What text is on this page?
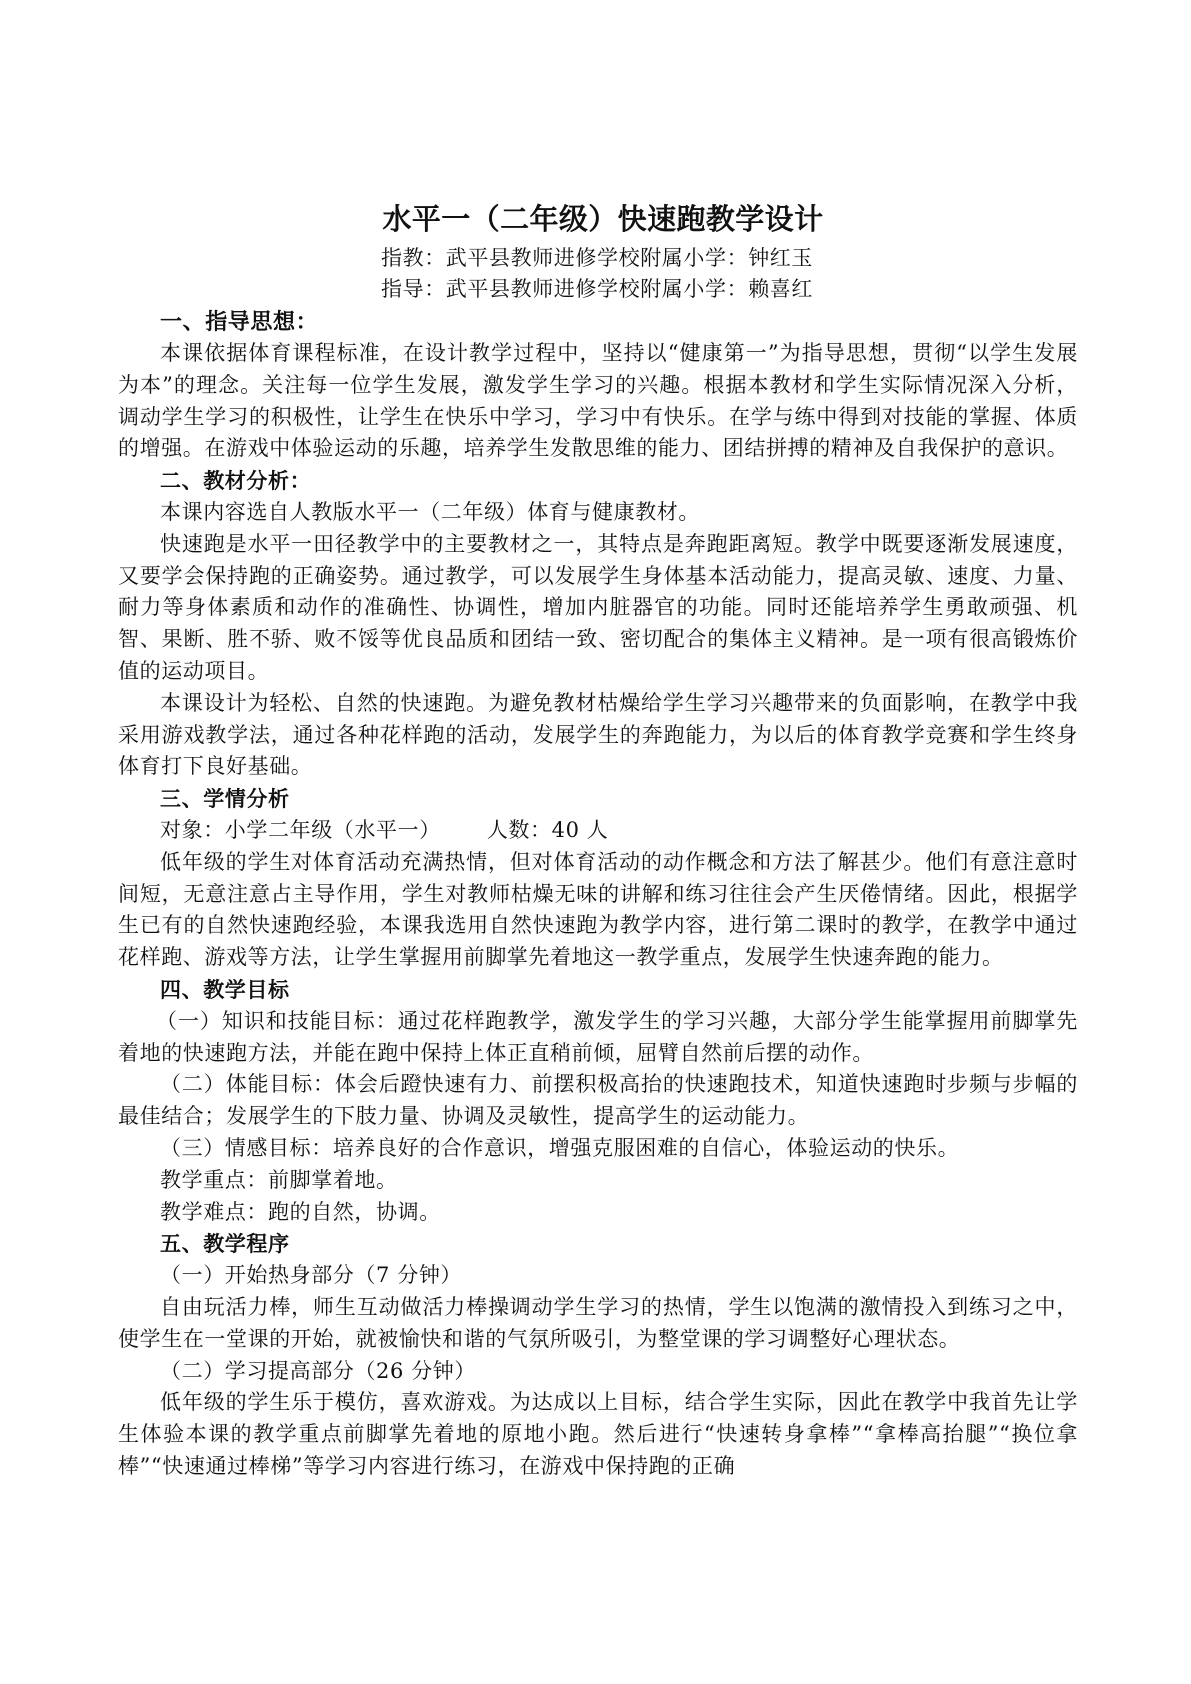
水平一（二年级）快速跑教学设计
指教：武平县教师进修学校附属小学：钟红玉
指导：武平县教师进修学校附属小学：赖喜红
一、指导思想：

本课依据体育课程标准，在设计教学过程中，坚持以“健康第一”为指导思想，贯彻“以学生发展为本”的理念。关注每一位学生发展，激发学生学习的兴趣。根据本教材和学生实际情况深入分析，调动学生学习的积极性，让学生在快乐中学习，学习中有快乐。在学与练中得到对技能的掌握、体质的增强。在游戏中体验运动的乐趣，培养学生发散思维的能力、团结拼搏的精神及自我保护的意识。

二、教材分析：

本课内容选自人教版水平一（二年级）体育与健康教材。

快速跑是水平一田径教学中的主要教材之一，其特点是奔跑距离短。教学中既要逐渐发展速度，又要学会保持跑的正确姿势。通过教学，可以发展学生身体基本活动能力，提高灵敏、速度、力量、耐力等身体素质和动作的准确性、协调性，增加内脏器官的功能。同时还能培养学生勇敢顽强、机智、果断、胜不骄、败不馁等优良品质和团结一致、密切配合的集体主义精神。是一项有很高锻炼价值的运动项目。

本课设计为轻松、自然的快速跑。为避免教材枯燥给学生学习兴趣带来的负面影响，在教学中我采用游戏教学法，通过各种花样跑的活动，发展学生的奔跑能力，为以后的体育教学竞赛和学生终身体育打下良好基础。

三、学情分析
对象：小学二年级（水平一） 人数：40 人

低年级的学生对体育活动充满热情，但对体育活动的动作概念和方法了解甚少。他们有意注意时间短，无意注意占主导作用，学生对教师枯燥无味的讲解和练习往往会产生厌倦情绪。因此，根据学生已有的自然快速跑经验，本课我选用自然快速跑为教学内容，进行第二课时的教学，在教学中通过花样跑、游戏等方法，让学生掌握用前脚掌先着地这一教学重点，发展学生快速奔跑的能力。

四、教学目标

（一）知识和技能目标：通过花样跑教学，激发学生的学习兴趣，大部分学生能掌握用前脚掌先着地的快速跑方法，并能在跑中保持上体正直稍前倾，屈臂自然前后摆的动作。

（二）体能目标：体会后蹬快速有力、前摆积极高抬的快速跑技术，知道快速跑时步频与步幅的最佳结合；发展学生的下肢力量、协调及灵敏性，提高学生的运动能力。

（三）情感目标：培养良好的合作意识，增强克服困难的自信心，体验运动的快乐。

教学重点：前脚掌着地。
教学难点：跑的自然，协调。
五、教学程序
（一）开始热身部分（7 分钟）

自由玩活力棒，师生互动做活力棒操调动学生学习的热情，学生以饱满的激情投入到练习之中，使学生在一堂课的开始，就被愉快和谐的气氛所吸引，为整堂课的学习调整好心理状态。

（二）学习提高部分（26 分钟）

低年级的学生乐于模仿，喜欢游戏。为达成以上目标，结合学生实际，因此在教学中我首先让学生体验本课的教学重点前脚掌先着地的原地小跑。然后进行“快速转身拿棒”“拿棒高抬腿”“换位拿棒”“快速通过棒梯”等学习内容进行练习，在游戏中保持跑的正确
